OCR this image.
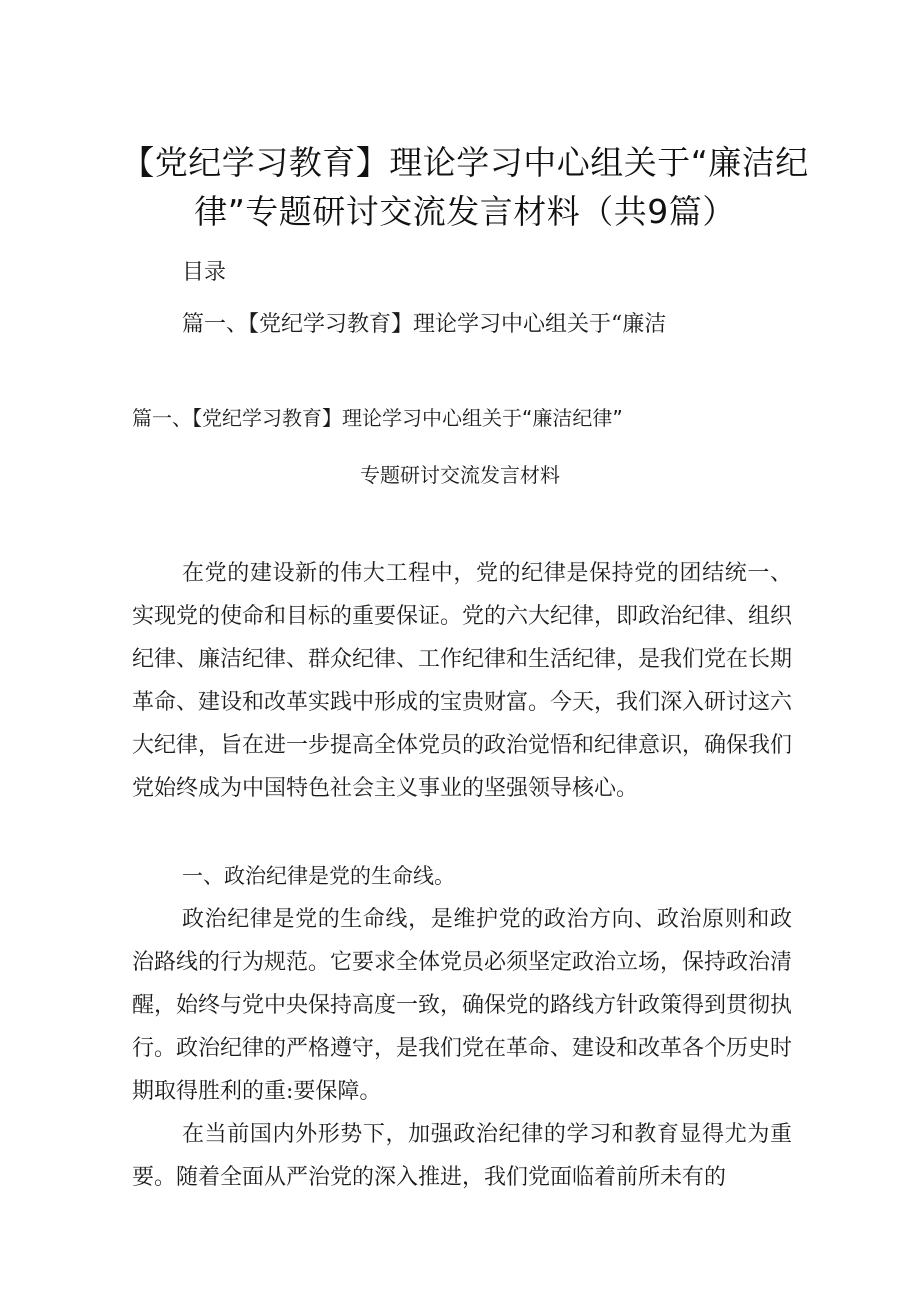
【党纪学习教育】理论学习中心组关于“廉洁纪律”专题研讨交流发言材料（共9篇）

目录

篇一、【党纪学习教育】理论学习中心组关于“廉洁

篇一、【党纪学习教育】理论学习中心组关于“廉洁纪律”

专题研讨交流发言材料

在党的建设新的伟大工程中，党的纪律是保持党的团结统一、实现党的使命和目标的重要保证。党的六大纪律，即政治纪律、组织纪律、廉洁纪律、群众纪律、工作纪律和生活纪律，是我们党在长期革命、建设和改革实践中形成的宝贵财富。今天，我们深入研讨这六大纪律，旨在进一步提高全体党员的政治觉悟和纪律意识，确保我们党始终成为中国特色社会主义事业的坚强领导核心。

一、政治纪律是党的生命线。

政治纪律是党的生命线，是维护党的政治方向、政治原则和政治路线的行为规范。它要求全体党员必须坚定政治立场，保持政治清醒，始终与党中央保持高度一致，确保党的路线方针政策得到贯彻执行。政治纪律的严格遵守，是我们党在革命、建设和改革各个历史时期取得胜利的重:要保障。

在当前国内外形势下，加强政治纪律的学习和教育显得尤为重要。随着全面从严治党的深入推进，我们党面临着前所未有的
